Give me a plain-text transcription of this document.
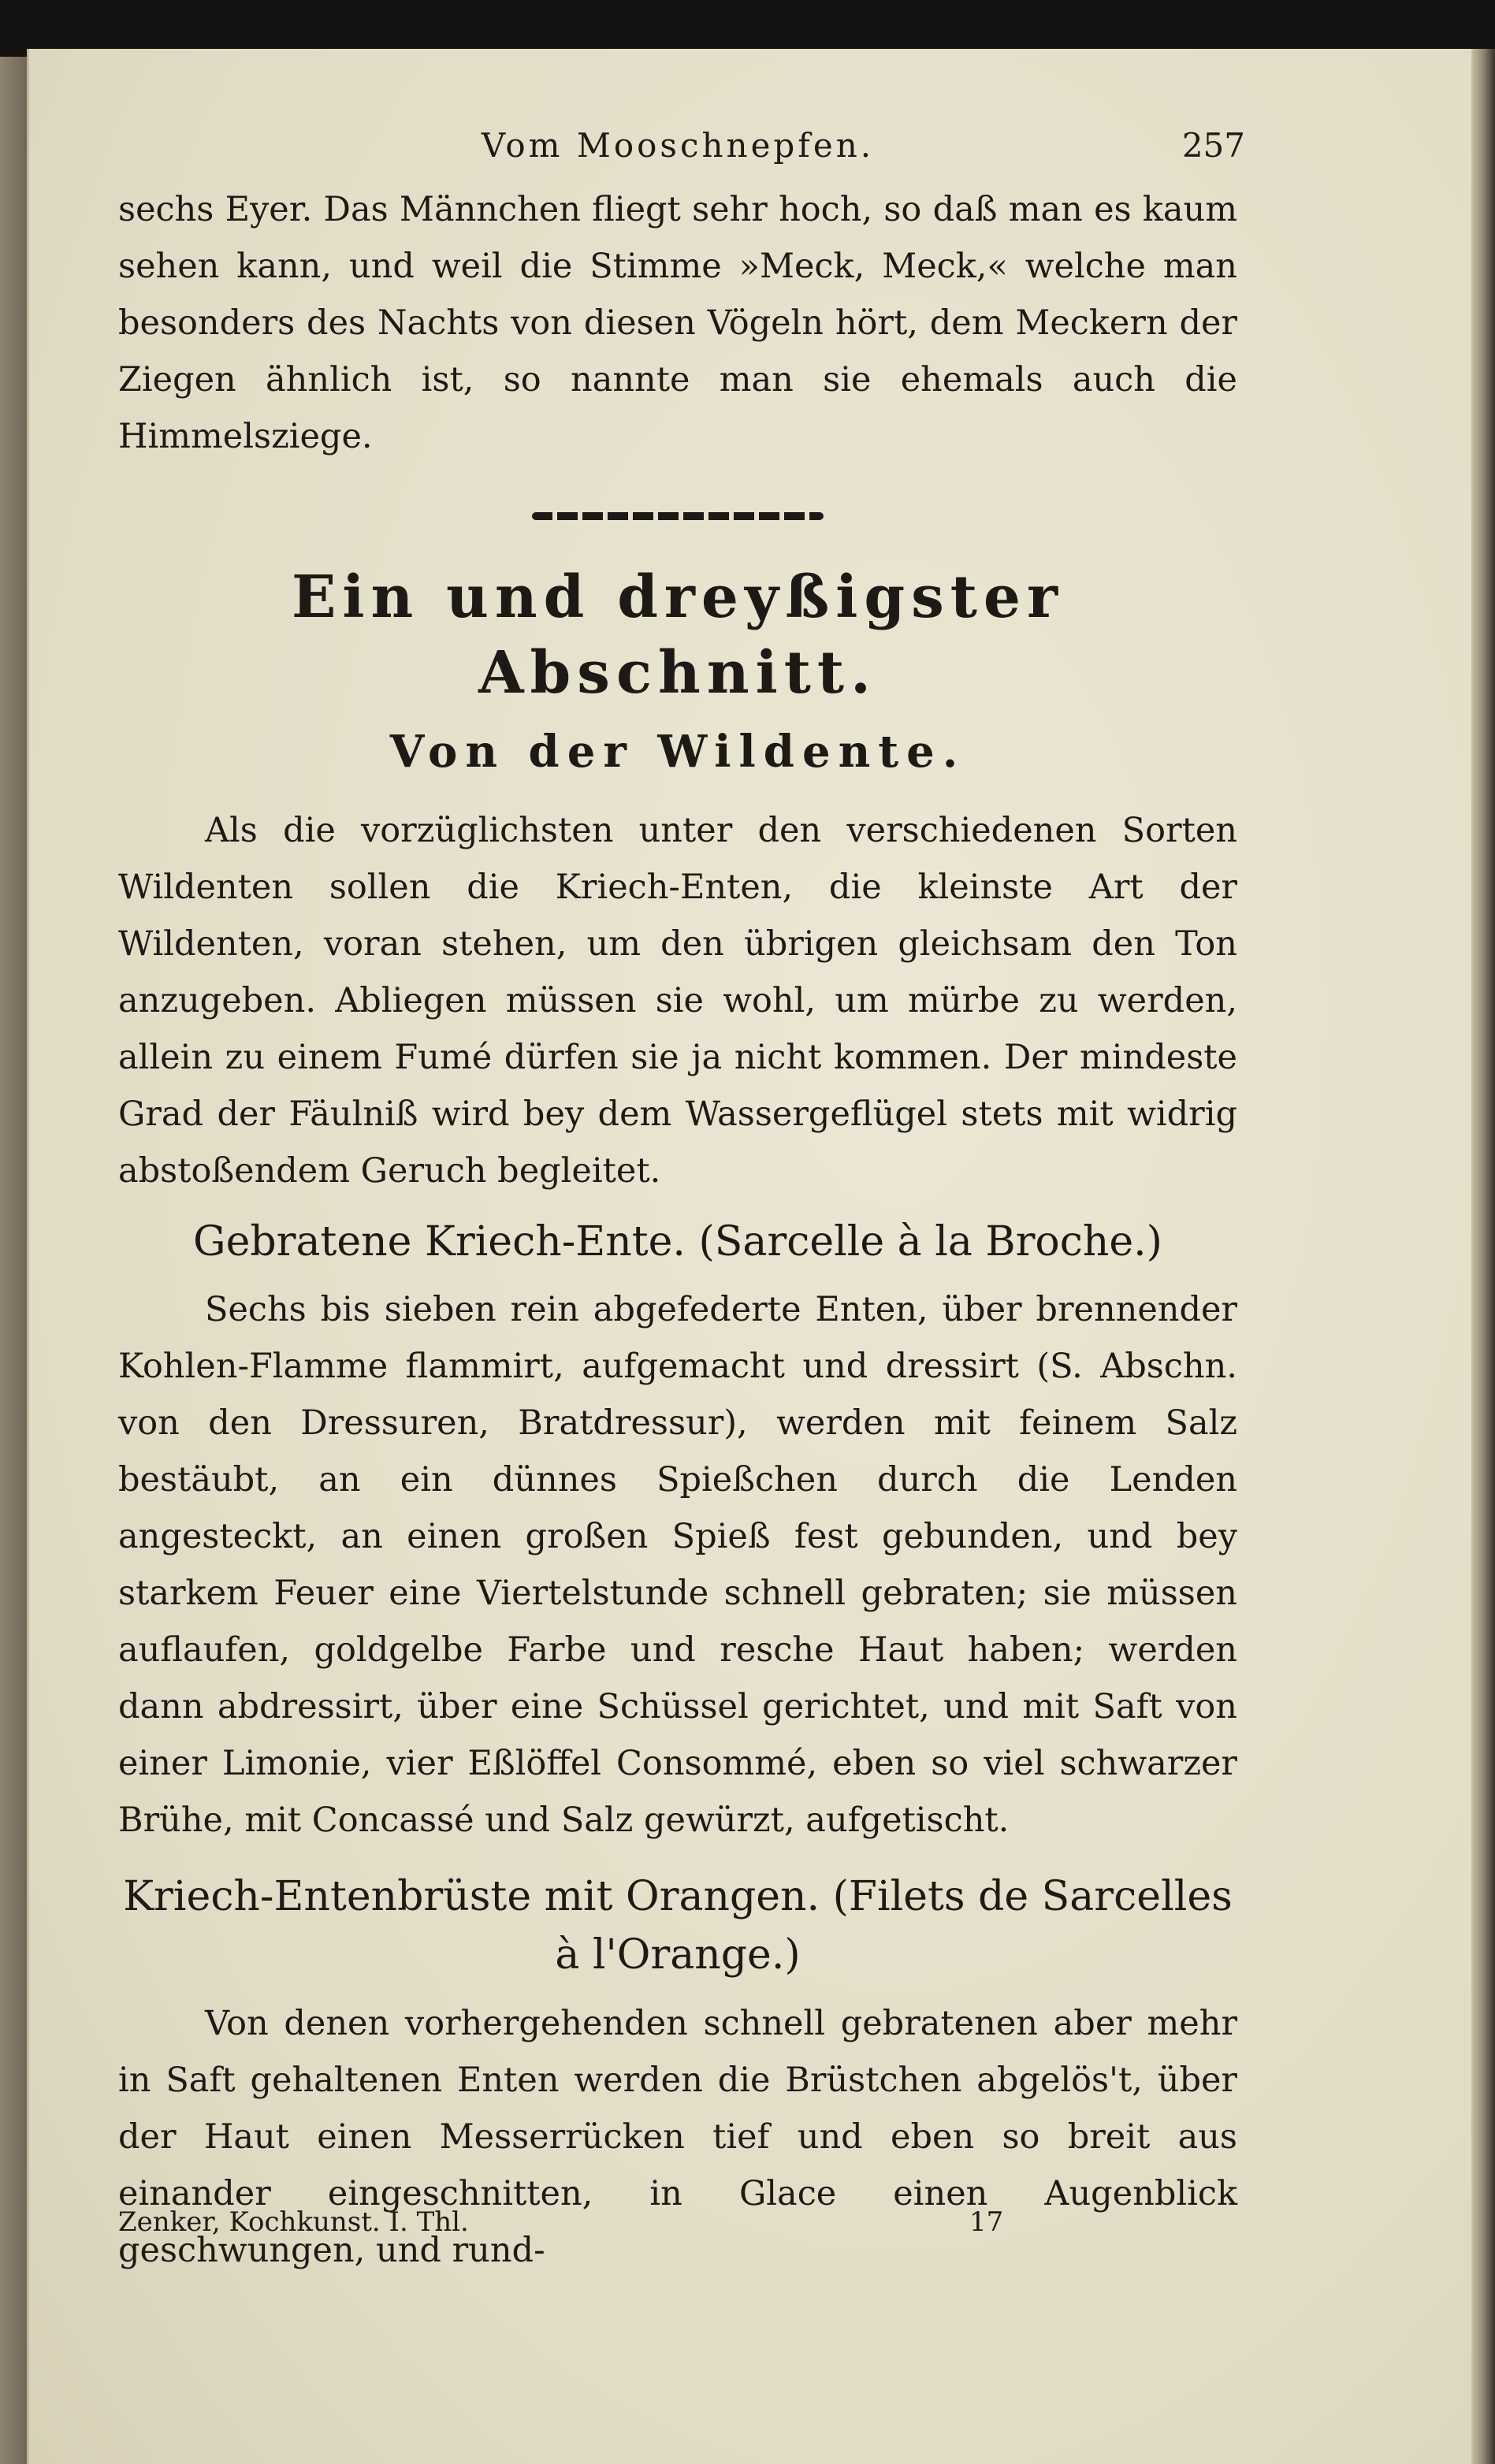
Vom Mooschnepfen.	257

sechs Eyer. Das Männchen fliegt sehr hoch, so daß man es kaum sehen kann, und weil die Stimme »Meck, Meck,« welche man besonders des Nachts von diesen Vögeln hört, dem Meckern der Ziegen ähnlich ist, so nannte man sie ehemals auch die Himmelsziege.

Ein und dreyßigster Abschnitt.
Von der Wildente.

Als die vorzüglichsten unter den verschiedenen Sorten Wildenten sollen die Kriech-Enten, die kleinste Art der Wildenten, voran stehen, um den übrigen gleichsam den Ton anzugeben. Abliegen müssen sie wohl, um mürbe zu werden, allein zu einem Fumé dürfen sie ja nicht kommen. Der mindeste Grad der Fäulniß wird bey dem Wassergeflügel stets mit widrig abstoßendem Geruch begleitet.

Gebratene Kriech-Ente. (Sarcelle à la Broche.)

Sechs bis sieben rein abgefederte Enten, über brennender Kohlen-Flamme flammirt, aufgemacht und dressirt (S. Abschn. von den Dressuren, Bratdressur), werden mit feinem Salz bestäubt, an ein dünnes Spießchen durch die Lenden angesteckt, an einen großen Spieß fest gebunden, und bey starkem Feuer eine Viertelstunde schnell gebraten; sie müssen auflaufen, goldgelbe Farbe und resche Haut haben; werden dann abdressirt, über eine Schüssel gerichtet, und mit Saft von einer Limonie, vier Eßlöffel Consommé, eben so viel schwarzer Brühe, mit Concassé und Salz gewürzt, aufgetischt.

Kriech-Entenbrüste mit Orangen. (Filets de Sarcelles à l'Orange.)

Von denen vorhergehenden schnell gebratenen aber mehr in Saft gehaltenen Enten werden die Brüstchen abgelös't, über der Haut einen Messerrücken tief und eben so breit aus einander eingeschnitten, in Glace einen Augenblick geschwungen, und rund-

Zenker, Kochkunst. I. Thl.	17
